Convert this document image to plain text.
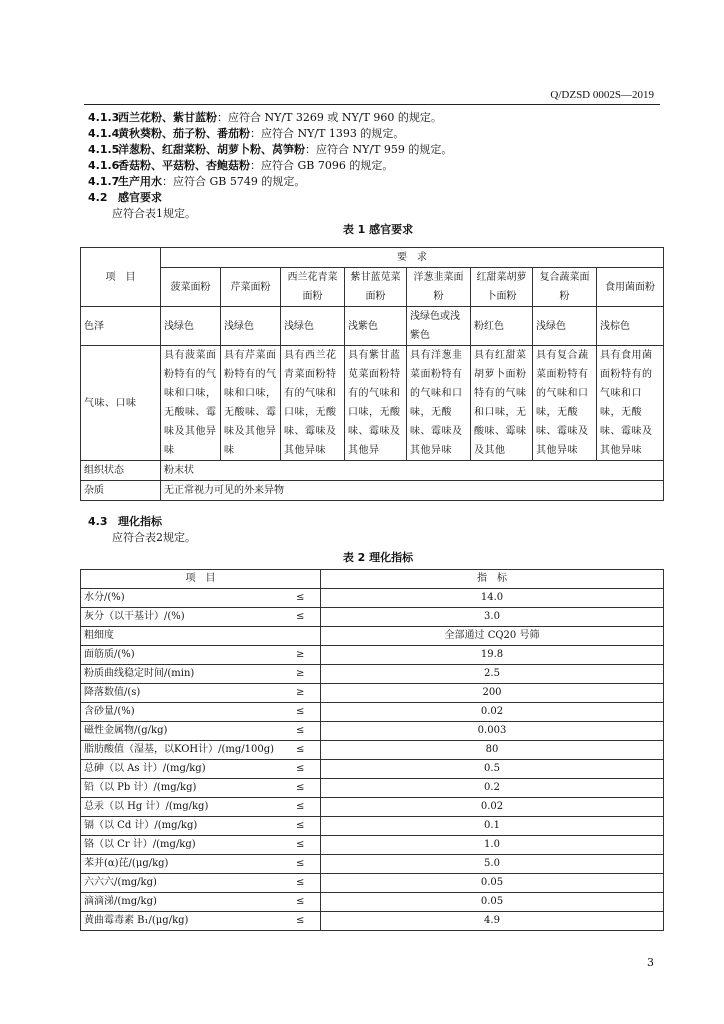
Q/DZSD 0002S—2019
4.1.3西兰花粉、紫甘蓝粉：应符合 NY/T 3269 或 NY/T 960 的规定。
4.1.4黄秋葵粉、茄子粉、番茄粉：应符合 NY/T 1393 的规定。
4.1.5洋葱粉、红甜菜粉、胡萝卜粉、莴笋粉：应符合 NY/T 959 的规定。
4.1.6香菇粉、平菇粉、杏鲍菇粉：应符合 GB 7096 的规定。
4.1.7生产用水：应符合 GB 5749 的规定。
4.2 感官要求
应符合表1规定。
表 1 感官要求
项　目	要　求							
	菠菜面粉	芹菜面粉	西兰花青菜面粉	紫甘蓝苋菜面粉	洋葱韭菜面粉	红甜菜胡萝卜面粉	复合蔬菜面粉	食用菌面粉
色泽	浅绿色	浅绿色	浅绿色	浅紫色	浅绿色或浅紫色	粉红色	浅绿色	浅棕色
气味、口味	具有菠菜面粉特有的气味和口味，无酸味、霉味及其他异味	具有芹菜面粉特有的气味和口味，无酸味、霉味及其他异味	具有西兰花青菜面粉特有的气味和口味，无酸味、霉味及其他异味	具有紫甘蓝苋菜面粉特有的气味和口味，无酸味、霉味及其他异	具有洋葱韭菜面粉特有的气味和口味，无酸味、霉味及其他异味	具有红甜菜胡萝卜面粉特有的气味和口味，无酸味、霉味及其他	具有复合蔬菜面粉特有的气味和口味，无酸味、霉味及其他异味	具有食用菌面粉特有的气味和口味，无酸味、霉味及其他异味
组织状态	粉末状							
杂质	无正常视力可见的外来异物							
4.3 理化指标
应符合表2规定。
表 2 理化指标
项　目		指　标
水分/(%)	≤	14.0
灰分（以干基计）/(%)	≤	3.0
粗细度		全部通过 CQ20 号筛
面筋质/(%)	≥	19.8
粉质曲线稳定时间/(min)	≥	2.5
降落数值/(s)	≥	200
含砂量/(%)	≤	0.02
磁性金属物/(g/kg)	≤	0.003
脂肪酸值（湿基，以KOH计）/(mg/100g)	≤	80
总砷（以 As 计）/(mg/kg)	≤	0.5
铅（以 Pb 计）/(mg/kg)	≤	0.2
总汞（以 Hg 计）/(mg/kg)	≤	0.02
镉（以 Cd 计）/(mg/kg)	≤	0.1
铬（以 Cr 计）/(mg/kg)	≤	1.0
苯并(α)芘/(μg/kg)	≤	5.0
六六六/(mg/kg)	≤	0.05
滴滴涕/(mg/kg)	≤	0.05
黄曲霉毒素 B₁/(μg/kg)	≤	4.9
3
